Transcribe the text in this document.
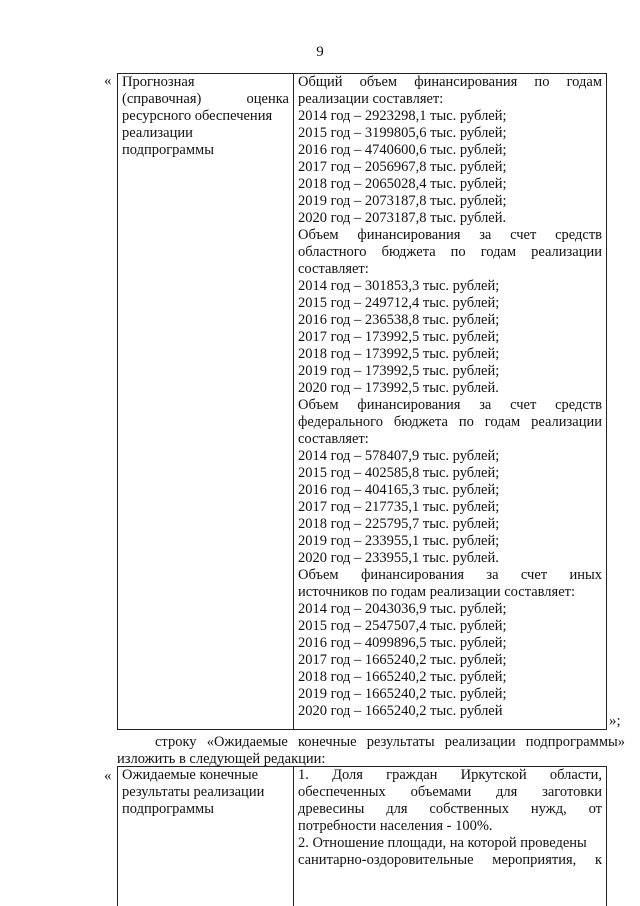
9
« Прогнозная
(справочная) оценка
ресурсного обеспечения
реализации
подпрограммы
Общий объем финансирования по годам
реализации составляет:
2014 год – 2923298,1 тыс. рублей;
2015 год – 3199805,6 тыс. рублей;
2016 год – 4740600,6 тыс. рублей;
2017 год – 2056967,8 тыс. рублей;
2018 год – 2065028,4 тыс. рублей;
2019 год – 2073187,8 тыс. рублей;
2020 год – 2073187,8 тыс. рублей.
Объем финансирования за счет средств
областного бюджета по годам реализации
составляет:
2014 год – 301853,3 тыс. рублей;
2015 год – 249712,4 тыс. рублей;
2016 год – 236538,8 тыс. рублей;
2017 год – 173992,5 тыс. рублей;
2018 год – 173992,5 тыс. рублей;
2019 год – 173992,5 тыс. рублей;
2020 год – 173992,5 тыс. рублей.
Объем финансирования за счет средств
федерального бюджета по годам реализации
составляет:
2014 год – 578407,9 тыс. рублей;
2015 год – 402585,8 тыс. рублей;
2016 год – 404165,3 тыс. рублей;
2017 год – 217735,1 тыс. рублей;
2018 год – 225795,7 тыс. рублей;
2019 год – 233955,1 тыс. рублей;
2020 год – 233955,1 тыс. рублей.
Объем финансирования за счет иных
источников по годам реализации составляет:
2014 год – 2043036,9 тыс. рублей;
2015 год – 2547507,4 тыс. рублей;
2016 год – 4099896,5 тыс. рублей;
2017 год – 1665240,2 тыс. рублей;
2018 год – 1665240,2 тыс. рублей;
2019 год – 1665240,2 тыс. рублей;
2020 год – 1665240,2 тыс. рублей
»;
строку «Ожидаемые конечные результаты реализации подпрограммы»
изложить в следующей редакции:
« Ожидаемые конечные
результаты реализации
подпрограммы
1. Доля граждан Иркутской области,
обеспеченных объемами для заготовки
древесины для собственных нужд, от
потребности населения - 100%.
2. Отношение площади, на которой проведены
санитарно-оздоровительные мероприятия, к
